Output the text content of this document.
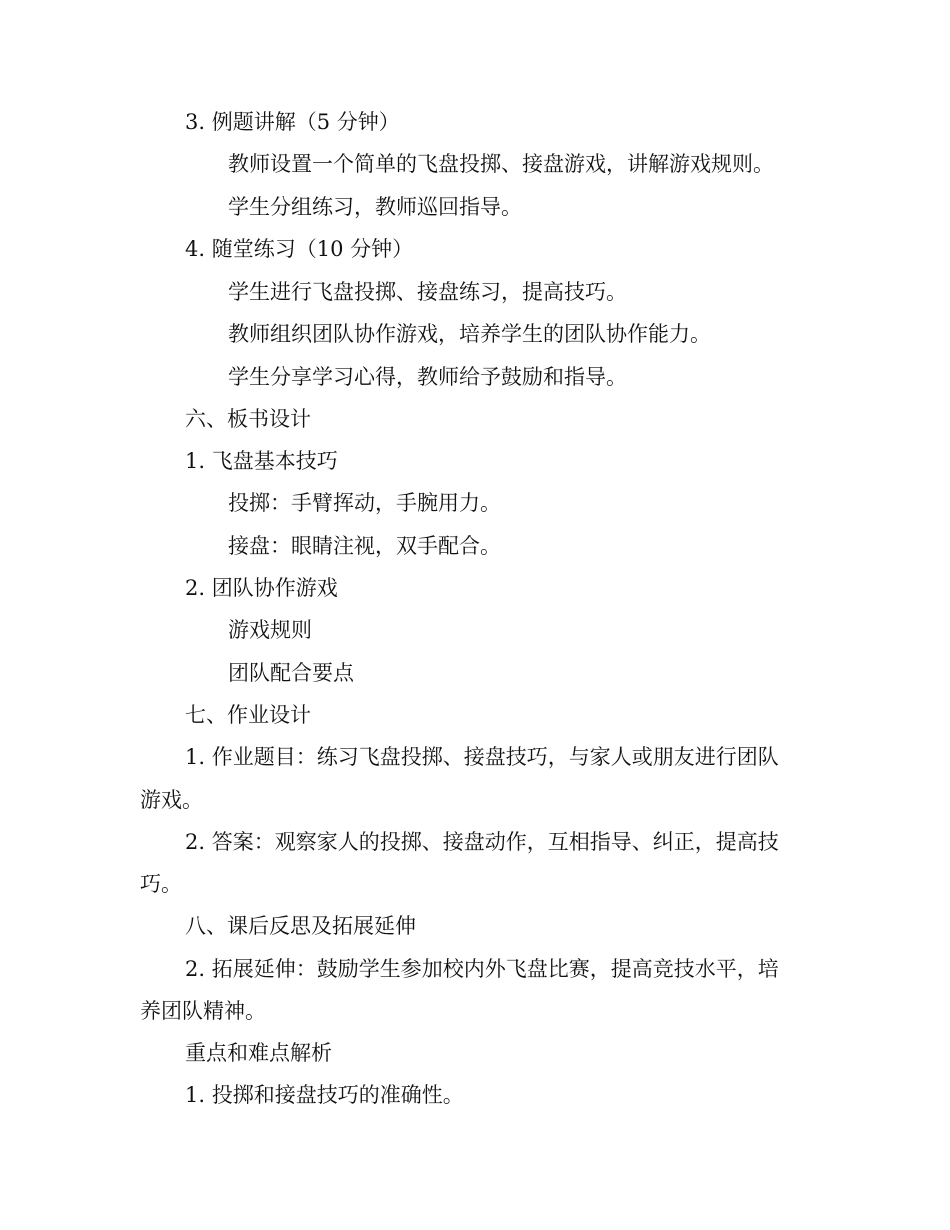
3. 例题讲解（5 分钟）
教师设置一个简单的飞盘投掷、接盘游戏，讲解游戏规则。
学生分组练习，教师巡回指导。
4. 随堂练习（10 分钟）
学生进行飞盘投掷、接盘练习，提高技巧。
教师组织团队协作游戏，培养学生的团队协作能力。
学生分享学习心得，教师给予鼓励和指导。
六、板书设计
1. 飞盘基本技巧
投掷：手臂挥动，手腕用力。
接盘：眼睛注视，双手配合。
2. 团队协作游戏
游戏规则
团队配合要点
七、作业设计
1. 作业题目：练习飞盘投掷、接盘技巧，与家人或朋友进行团队
游戏。
2. 答案：观察家人的投掷、接盘动作，互相指导、纠正，提高技
巧。
八、课后反思及拓展延伸
2. 拓展延伸：鼓励学生参加校内外飞盘比赛，提高竞技水平，培
养团队精神。
重点和难点解析
1. 投掷和接盘技巧的准确性。
